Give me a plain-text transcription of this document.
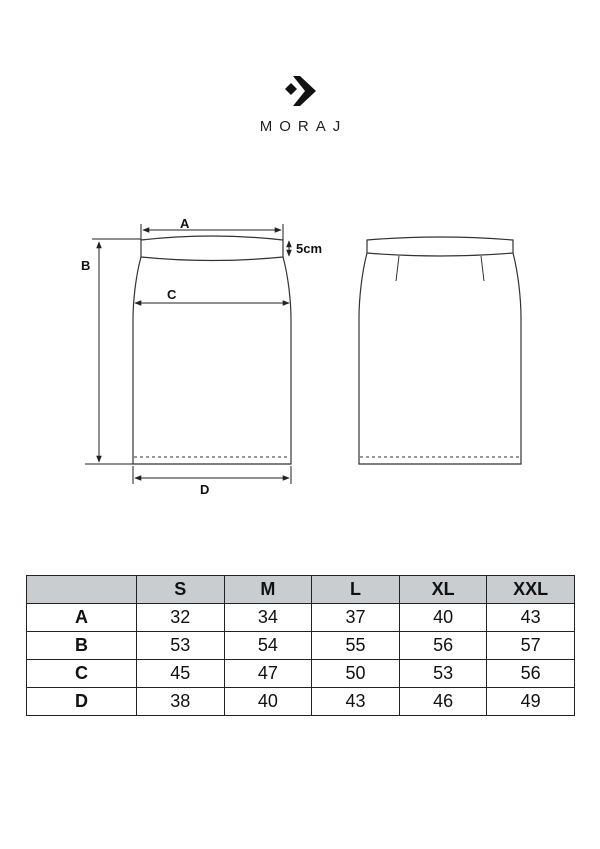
MORAJ
A
5cm
B
C
D
	S	M	L	XL	XXL
A	32	34	37	40	43
B	53	54	55	56	57
C	45	47	50	53	56
D	38	40	43	46	49
